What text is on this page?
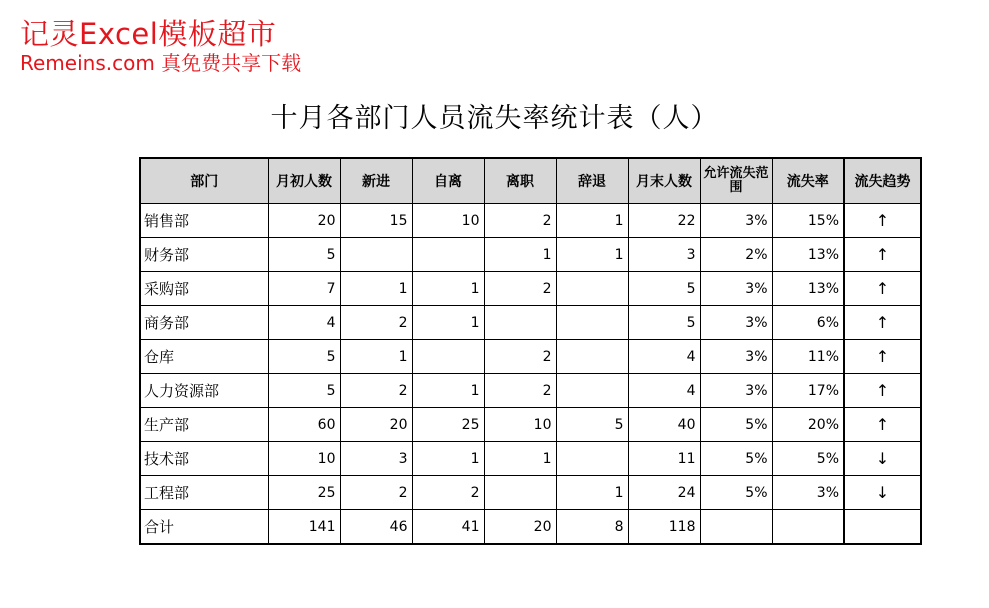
记灵Excel模板超市
Remeins.com 真免费共享下载
十月各部门人员流失率统计表（人）
部门	月初人数	新进	自离	离职	辞退	月末人数	允许流失范围	流失率	流失趋势
销售部	20	15	10	2	1	22	3%	15%	↑
财务部	5			1	1	3	2%	13%	↑
采购部	7	1	1	2		5	3%	13%	↑
商务部	4	2	1			5	3%	6%	↑
仓库	5	1		2		4	3%	11%	↑
人力资源部	5	2	1	2		4	3%	17%	↑
生产部	60	20	25	10	5	40	5%	20%	↑
技术部	10	3	1	1		11	5%	5%	↓
工程部	25	2	2		1	24	5%	3%	↓
合计	141	46	41	20	8	118			
